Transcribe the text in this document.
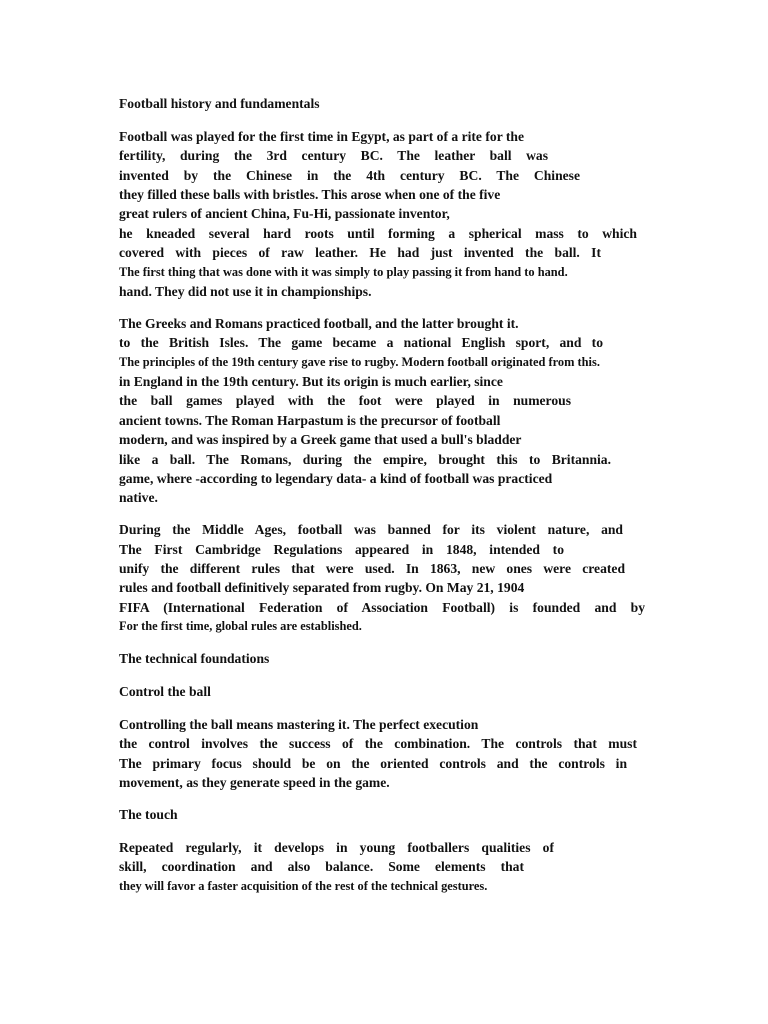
Football history and fundamentals
Football was played for the first time in Egypt, as part of a rite for the
fertility, during the 3rd century BC. The leather ball was
invented by the Chinese in the 4th century BC. The Chinese
they filled these balls with bristles. This arose when one of the five
great rulers of ancient China, Fu-Hi, passionate inventor,
he kneaded several hard roots until forming a spherical mass to which
covered with pieces of raw leather. He had just invented the ball. It
The first thing that was done with it was simply to play passing it from hand to hand.
hand. They did not use it in championships.
The Greeks and Romans practiced football, and the latter brought it.
to the British Isles. The game became a national English sport, and to
The principles of the 19th century gave rise to rugby. Modern football originated from this.
in England in the 19th century. But its origin is much earlier, since
the ball games played with the foot were played in numerous
ancient towns. The Roman Harpastum is the precursor of football
modern, and was inspired by a Greek game that used a bull's bladder
like a ball. The Romans, during the empire, brought this to Britannia.
game, where -according to legendary data- a kind of football was practiced
native.
During the Middle Ages, football was banned for its violent nature, and
The First Cambridge Regulations appeared in 1848, intended to
unify the different rules that were used. In 1863, new ones were created
rules and football definitively separated from rugby. On May 21, 1904
FIFA (International Federation of Association Football) is founded and by
For the first time, global rules are established.
The technical foundations
Control the ball
Controlling the ball means mastering it. The perfect execution
the control involves the success of the combination. The controls that must
The primary focus should be on the oriented controls and the controls in
movement, as they generate speed in the game.
The touch
Repeated regularly, it develops in young footballers qualities of
skill, coordination and also balance. Some elements that
they will favor a faster acquisition of the rest of the technical gestures.
